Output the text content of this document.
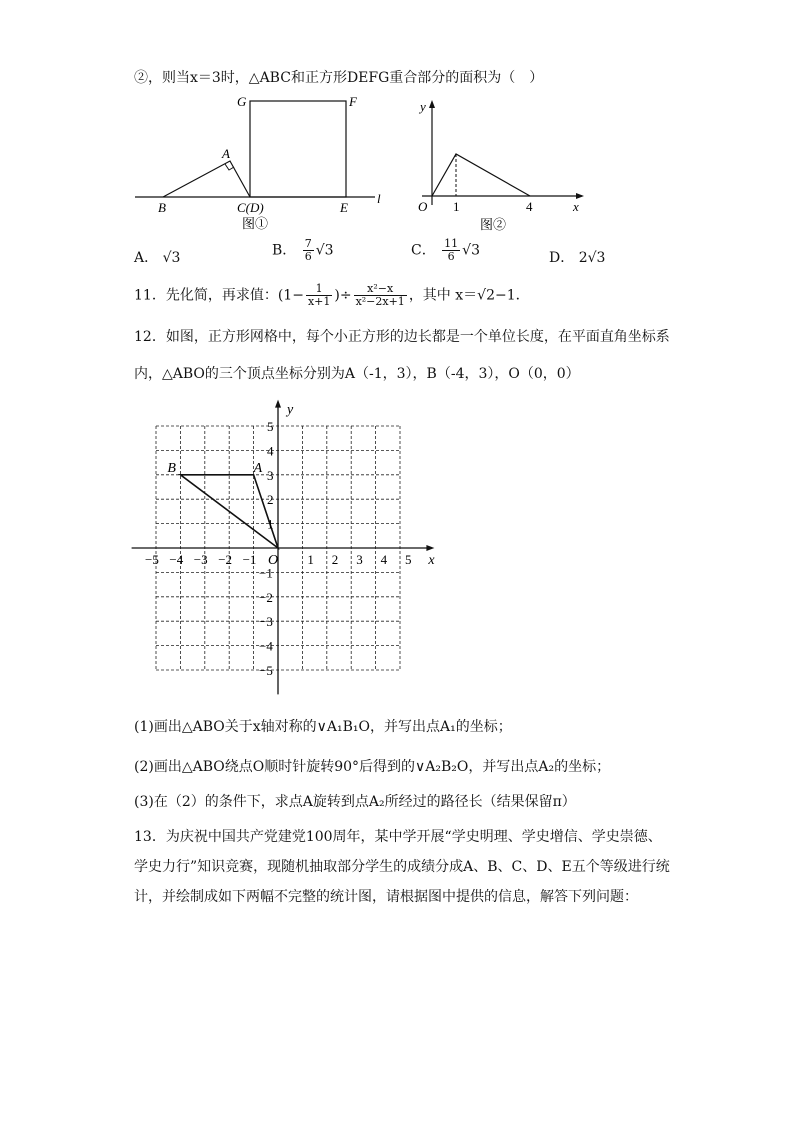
②，则当x＝3时，△ABC和正方形DEFG重合部分的面积为（　）
G	F
A
B	C(D)	E
l
图①
y
O 1	4	x
图②
A． √3	B． $\frac{7}{6} √3$	C． $\frac{11}{6} √3$	D． 2√3
11．先化简，再求值：($1- \frac{1}{x+1}$ )÷ $\frac{\text{x²−x}}{\text{x²−2x+1}}$ ，其中 x＝√2−1．
12．如图，正方形网格中，每个小正方形的边长都是一个单位长度，在平面直角坐标系
内，△ABO的三个顶点坐标分别为A（-1，3），B（-4，3），O（0，0）
−5 −4 −3 −2 −1	1 2 3 4 5
5
4
3
2
1
−1
−2
−3
−4
−5
O
A
B
x
y
(1)画出△ABO关于x轴对称的∨A₁B₁O，并写出点A₁的坐标；
(2)画出△ABO绕点O顺时针旋转90°后得到的∨A₂B₂O，并写出点A₂的坐标；
(3)在（2）的条件下，求点A旋转到点A₂所经过的路径长（结果保留π）
13．为庆祝中国共产党建党100周年，某中学开展“学史明理、学史增信、学史崇德、
学史力行”知识竞赛，现随机抽取部分学生的成绩分成A、B、C、D、E五个等级进行统
计，并绘制成如下两幅不完整的统计图，请根据图中提供的信息，解答下列问题：
